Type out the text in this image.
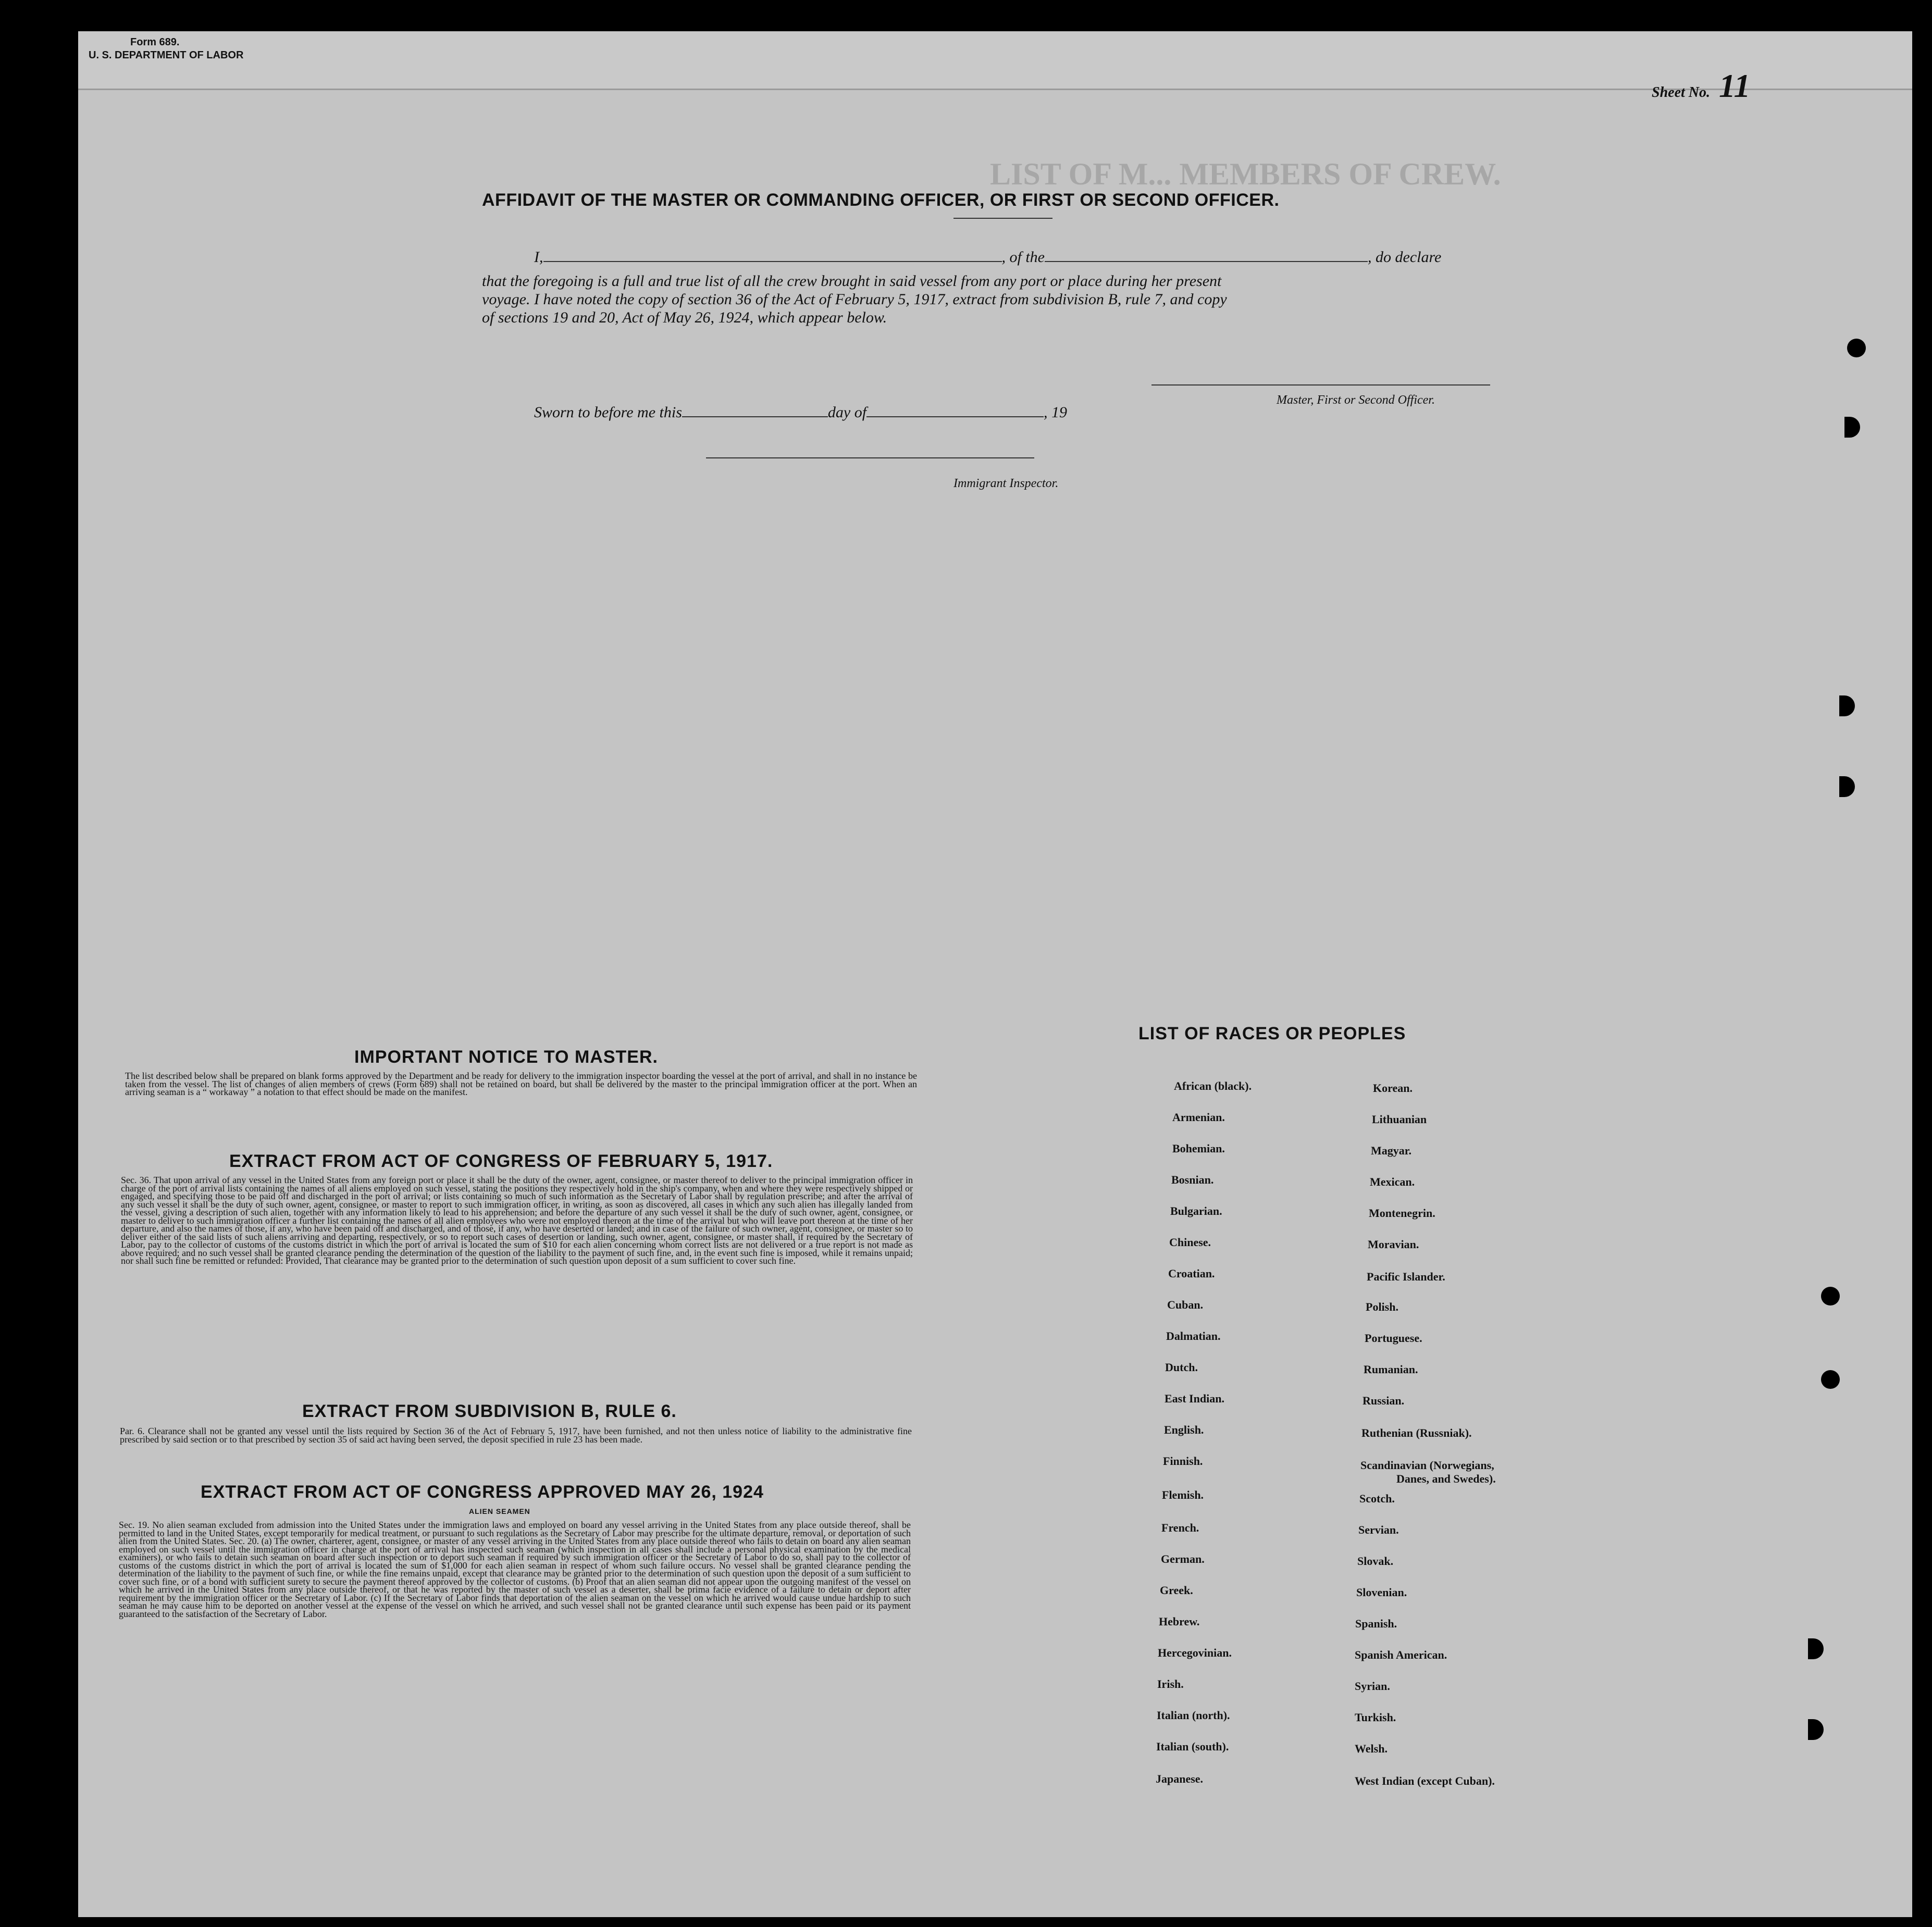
LIST OF M... MEMBERS OF CREW.
Form 689.
U. S. DEPARTMENT OF LABOR
Sheet No. 11
AFFIDAVIT OF THE MASTER OR COMMANDING OFFICER, OR FIRST OR SECOND OFFICER.
I,	, of the	, do declare
that the foregoing is a full and true list of all the crew brought in said vessel from any port or place during her present
voyage. I have noted the copy of section 36 of the Act of February 5, 1917, extract from subdivision B, rule 7, and copy
of sections 19 and 20, Act of May 26, 1924, which appear below.
Master, First or Second Officer.
Sworn to before me this	day of	, 19
Immigrant Inspector.
IMPORTANT NOTICE TO MASTER.
The list described below shall be prepared on blank forms approved by the Department and be ready for delivery to the immigration inspector boarding the vessel at the port of arrival, and shall in no instance be taken from the vessel. The list of changes of alien members of crews (Form 689) shall not be retained on board, but shall be delivered by the master to the principal immigration officer at the port. When an arriving seaman is a “ workaway ” a notation to that effect should be made on the manifest.
EXTRACT FROM ACT OF CONGRESS OF FEBRUARY 5, 1917.
Sec. 36. That upon arrival of any vessel in the United States from any foreign port or place it shall be the duty of the owner, agent, consignee, or master thereof to deliver to the principal immigration officer in charge of the port of arrival lists containing the names of all aliens employed on such vessel, stating the positions they respectively hold in the ship's company, when and where they were respectively shipped or engaged, and specifying those to be paid off and discharged in the port of arrival; or lists containing so much of such information as the Secretary of Labor shall by regulation prescribe; and after the arrival of any such vessel it shall be the duty of such owner, agent, consignee, or master to report to such immigration officer, in writing, as soon as discovered, all cases in which any such alien has illegally landed from the vessel, giving a description of such alien, together with any information likely to lead to his apprehension; and before the departure of any such vessel it shall be the duty of such owner, agent, consignee, or master to deliver to such immigration officer a further list containing the names of all alien employees who were not employed thereon at the time of the arrival but who will leave port thereon at the time of her departure, and also the names of those, if any, who have been paid off and discharged, and of those, if any, who have deserted or landed; and in case of the failure of such owner, agent, consignee, or master so to deliver either of the said lists of such aliens arriving and departing, respectively, or so to report such cases of desertion or landing, such owner, agent, consignee, or master shall, if required by the Secretary of Labor, pay to the collector of customs of the customs district in which the port of arrival is located the sum of $10 for each alien concerning whom correct lists are not delivered or a true report is not made as above required; and no such vessel shall be granted clearance pending the determination of the question of the liability to the payment of such fine, and, in the event such fine is imposed, while it remains unpaid; nor shall such fine be remitted or refunded: Provided, That clearance may be granted prior to the determination of such question upon deposit of a sum sufficient to cover such fine.
EXTRACT FROM SUBDIVISION B, RULE 6.
Par. 6. Clearance shall not be granted any vessel until the lists required by Section 36 of the Act of February 5, 1917, have been furnished, and not then unless notice of liability to the administrative fine prescribed by said section or to that prescribed by section 35 of said act having been served, the deposit specified in rule 23 has been made.
EXTRACT FROM ACT OF CONGRESS APPROVED MAY 26, 1924
ALIEN SEAMEN
Sec. 19. No alien seaman excluded from admission into the United States under the immigration laws and employed on board any vessel arriving in the United States from any place outside thereof, shall be permitted to land in the United States, except temporarily for medical treatment, or pursuant to such regulations as the Secretary of Labor may prescribe for the ultimate departure, removal, or deportation of such alien from the United States. Sec. 20. (a) The owner, charterer, agent, consignee, or master of any vessel arriving in the United States from any place outside thereof who fails to detain on board any alien seaman employed on such vessel until the immigration officer in charge at the port of arrival has inspected such seaman (which inspection in all cases shall include a personal physical examination by the medical examiners), or who fails to detain such seaman on board after such inspection or to deport such seaman if required by such immigration officer or the Secretary of Labor to do so, shall pay to the collector of customs of the customs district in which the port of arrival is located the sum of $1,000 for each alien seaman in respect of whom such failure occurs. No vessel shall be granted clearance pending the determination of the liability to the payment of such fine, or while the fine remains unpaid, except that clearance may be granted prior to the determination of such question upon the deposit of a sum sufficient to cover such fine, or of a bond with sufficient surety to secure the payment thereof approved by the collector of customs. (b) Proof that an alien seaman did not appear upon the outgoing manifest of the vessel on which he arrived in the United States from any place outside thereof, or that he was reported by the master of such vessel as a deserter, shall be prima facie evidence of a failure to detain or deport after requirement by the immigration officer or the Secretary of Labor. (c) If the Secretary of Labor finds that deportation of the alien seaman on the vessel on which he arrived would cause undue hardship to such seaman he may cause him to be deported on another vessel at the expense of the vessel on which he arrived, and such vessel shall not be granted clearance until such expense has been paid or its payment guaranteed to the satisfaction of the Secretary of Labor.
LIST OF RACES OR PEOPLES
African (black).
Armenian.
Bohemian.
Bosnian.
Bulgarian.
Chinese.
Croatian.
Cuban.
Dalmatian.
Dutch.
East Indian.
English.
Finnish.
Flemish.
French.
German.
Greek.
Hebrew.
Hercegovinian.
Irish.
Italian (north).
Italian (south).
Japanese.
Korean.
Lithuanian
Magyar.
Mexican.
Montenegrin.
Moravian.
Pacific Islander.
Polish.
Portuguese.
Rumanian.
Russian.
Ruthenian (Russniak).
Scandinavian (Norwegians,
Danes, and Swedes).
Scotch.
Servian.
Slovak.
Slovenian.
Spanish.
Spanish American.
Syrian.
Turkish.
Welsh.
West Indian (except Cuban).
